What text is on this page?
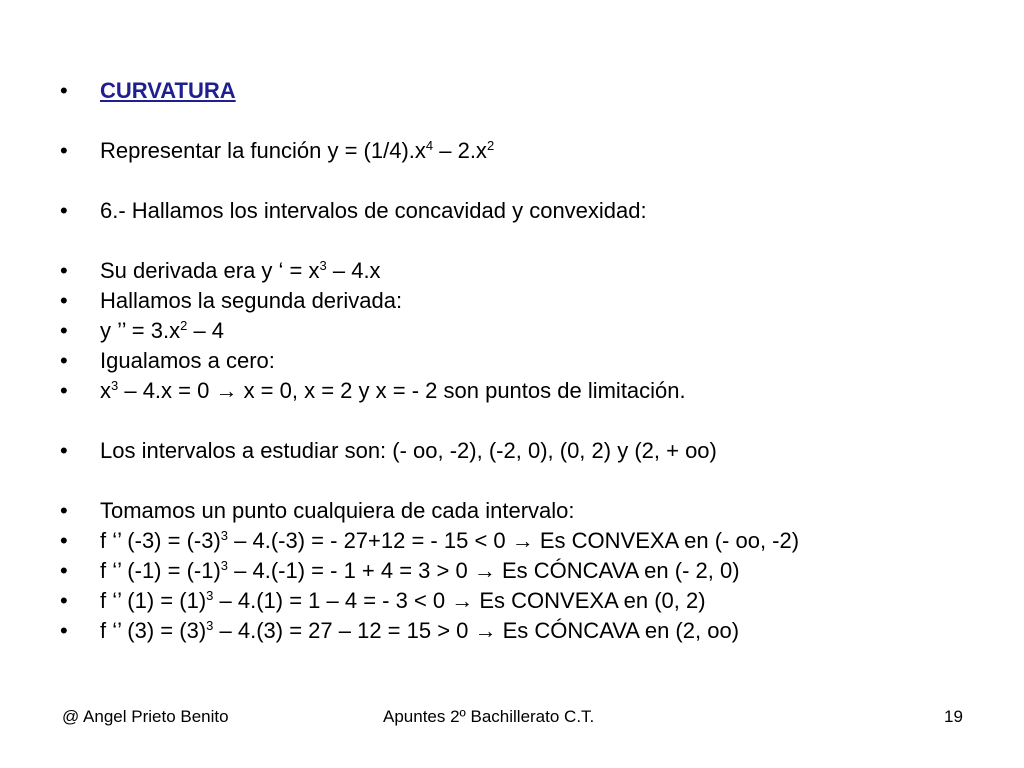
• CURVATURA
• Representar la función $y = (1/4).x^4 - 2.x^2$
• 6.- Hallamos los intervalos de concavidad y convexidad:
• Su derivada era y ‘ = $x^3 - 4.x$
• Hallamos la segunda derivada:
• y ’’ = $3.x^2 - 4$
• Igualamos a cero:
• $x^3 - 4.x = 0 \to x = 0$, x = 2 y x = - 2 son puntos de limitación.
• Los intervalos a estudiar son: (- oo, -2), (-2, 0), (0, 2) y (2, + oo)
• Tomamos un punto cualquiera de cada intervalo:
• f ‘’ $(-3) = (-3)^3 - 4.(-3)$ = - 27+12 = - 15 < 0 → Es CONVEXA en (- oo, -2)
• f ‘’ $(-1) = (-1)^3 - 4.(-1)$ = - 1 + 4 = 3 > 0 → Es CÓNCAVA en (- 2, 0)
• f ‘’ $(1) = (1)^3 - 4.(1) = 1 - 4$ = - 3 < 0 → Es CONVEXA en (0, 2)
• f ‘’ $(3) = (3)^3 - 4.(3) = 27 - 12 = 15 > 0 \to Es$ CÓNCAVA en (2, oo)
@ Angel Prieto Benito	Apuntes 2º Bachillerato C.T.	19
